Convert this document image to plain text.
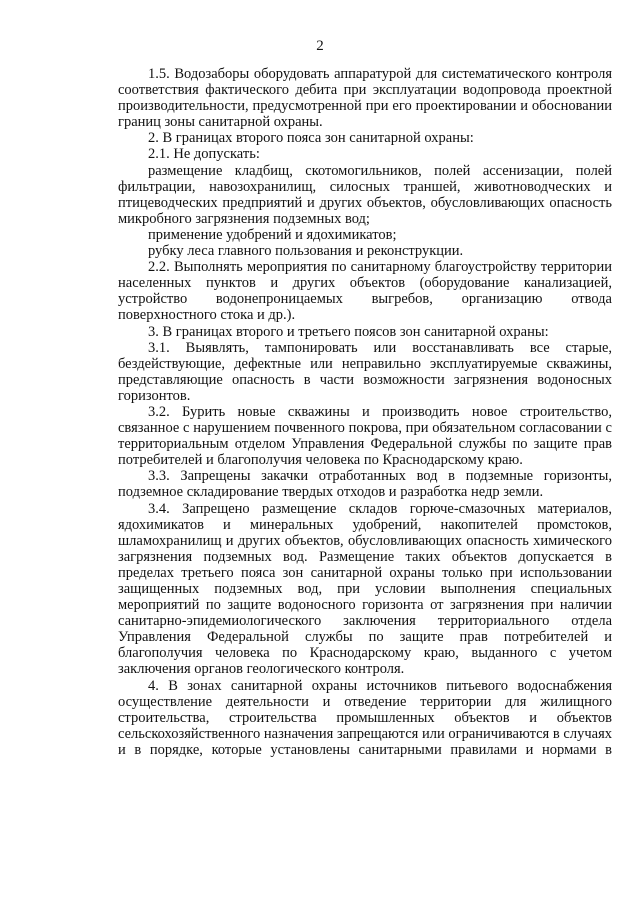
2

1.5. Водозаборы оборудовать аппаратурой для систематического контроля соответствия фактического дебита при эксплуатации водопровода проектной производительности, предусмотренной при его проектировании и обосновании границ зоны санитарной охраны.

2. В границах второго пояса зон санитарной охраны:

2.1. Не допускать:

размещение кладбищ, скотомогильников, полей ассенизации, полей фильтрации, навозохранилищ, силосных траншей, животноводческих и птицеводческих предприятий и других объектов, обусловливающих опасность микробного загрязнения подземных вод;

применение удобрений и ядохимикатов;

рубку леса главного пользования и реконструкции.

2.2. Выполнять мероприятия по санитарному благоустройству территории населенных пунктов и других объектов (оборудование канализацией, устройство водонепроницаемых выгребов, организацию отвода поверхностного стока и др.).

3. В границах второго и третьего поясов зон санитарной охраны:

3.1. Выявлять, тампонировать или восстанавливать все старые, бездействующие, дефектные или неправильно эксплуатируемые скважины, представляющие опасность в части возможности загрязнения водоносных горизонтов.

3.2. Бурить новые скважины и производить новое строительство, связанное с нарушением почвенного покрова, при обязательном согласовании с территориальным отделом Управления Федеральной службы по защите прав потребителей и благополучия человека по Краснодарскому краю.

3.3. Запрещены закачки отработанных вод в подземные горизонты, подземное складирование твердых отходов и разработка недр земли.

3.4. Запрещено размещение складов горюче-смазочных материалов, ядохимикатов и минеральных удобрений, накопителей промстоков, шламохранилищ и других объектов, обусловливающих опасность химического загрязнения подземных вод. Размещение таких объектов допускается в пределах третьего пояса зон санитарной охраны только при использовании защищенных подземных вод, при условии выполнения специальных мероприятий по защите водоносного горизонта от загрязнения при наличии санитарно-эпидемиологического заключения территориального отдела Управления Федеральной службы по защите прав потребителей и благополучия человека по Краснодарскому краю, выданного с учетом заключения органов геологического контроля.

4. В зонах санитарной охраны источников питьевого водоснабжения осуществление деятельности и отведение территории для жилищного строительства, строительства промышленных объектов и объектов сельскохозяйственного назначения запрещаются или ограничиваются в случаях и в порядке, которые установлены санитарными правилами и нормами в
